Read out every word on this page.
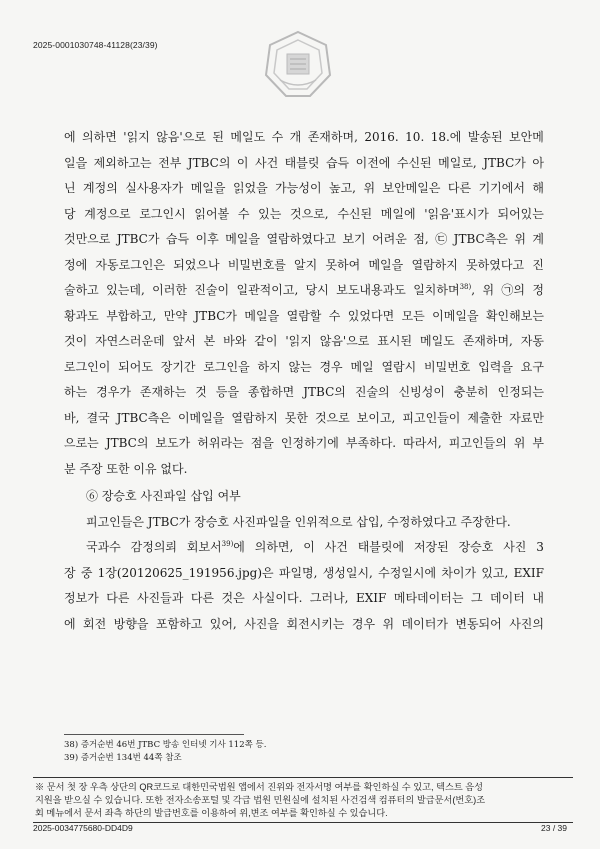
2025-0001030748-41128(23/39)
에 의하면 '읽지 않음'으로 된 메일도 수 개 존재하며, 2016. 10. 18.에 발송된 보안메
일을 제외하고는 전부 JTBC의 이 사건 태블릿 습득 이전에 수신된 메일로, JTBC가 아
닌 계정의 실사용자가 메일을 읽었을 가능성이 높고, 위 보안메일은 다른 기기에서 해
당 계정으로 로그인시 읽어볼 수 있는 것으로, 수신된 메일에 '읽음'표시가 되어있는
것만으로 JTBC가 습득 이후 메일을 열람하였다고 보기 어려운 점, ㉢ JTBC측은 위 계
정에 자동로그인은 되었으나 비밀번호를 알지 못하여 메일을 열람하지 못하였다고 진
술하고 있는데, 이러한 진술이 일관적이고, 당시 보도내용과도 일치하며$^{38)}$, 위 ㉠의 정
황과도 부합하고, 만약 JTBC가 메일을 열람할 수 있었다면 모든 이메일을 확인해보는
것이 자연스러운데 앞서 본 바와 같이 '읽지 않음'으로 표시된 메일도 존재하며, 자동
로그인이 되어도 장기간 로그인을 하지 않는 경우 메일 열람시 비밀번호 입력을 요구
하는 경우가 존재하는 것 등을 종합하면 JTBC의 진술의 신빙성이 충분히 인정되는
바, 결국 JTBC측은 이메일을 열람하지 못한 것으로 보이고, 피고인들이 제출한 자료만
으로는 JTBC의 보도가 허위라는 점을 인정하기에 부족하다. 따라서, 피고인들의 위 부
분 주장 또한 이유 없다.
⑥ 장승호 사진파일 삽입 여부
피고인들은 JTBC가 장승호 사진파일을 인위적으로 삽입, 수정하였다고 주장한다.
국과수 감정의뢰 회보서$^{39)}$에 의하면, 이 사건 태블릿에 저장된 장승호 사진 3
장 중 1장(20120625_191956.jpg)은 파일명, 생성일시, 수정일시에 차이가 있고, EXIF
정보가 다른 사진들과 다른 것은 사실이다. 그러나, EXIF 메타데이터는 그 데이터 내
에 회전 방향을 포함하고 있어, 사진을 회전시키는 경우 위 데이터가 변동되어 사진의
38) 증거순번 46번 JTBC 방송 인터넷 기사 112쪽 등.
39) 증거순번 134번 44쪽 참조
※ 문서 첫 장 우측 상단의 QR코드로 대한민국법원 앱에서 진위와 전자서명 여부를 확인하실 수 있고, 텍스트 음성
지원을 받으실 수 있습니다. 또한 전자소송포털 및 각급 법원 민원실에 설치된 사건검색 컴퓨터의 발급문서(번호)조
회 메뉴에서 문서 좌측 하단의 발급번호를 이용하여 위,변조 여부를 확인하실 수 있습니다.
2025-0034775680-DD4D9	23 / 39
